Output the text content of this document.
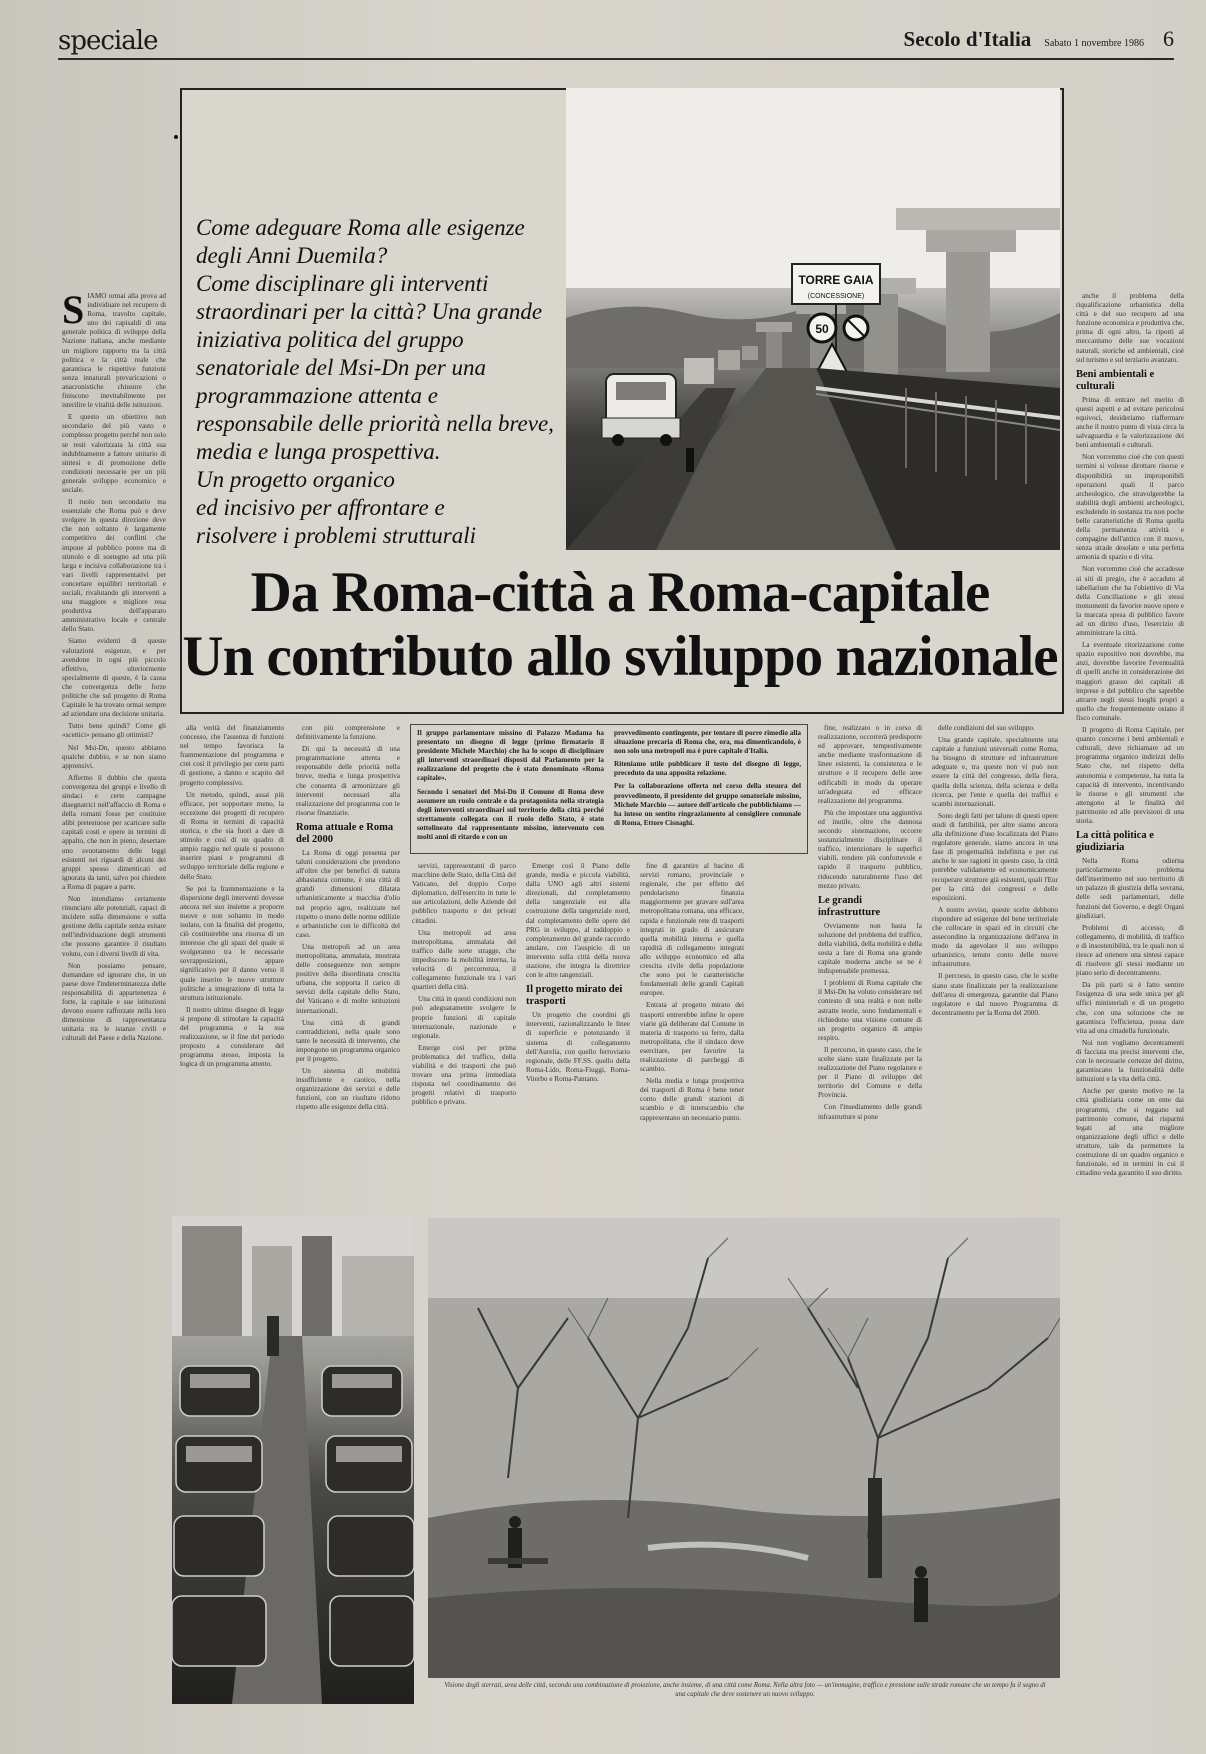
speciale	Secolo d'Italia Sabato 1 novembre 1986 6

SIAMO ormai alla prova ad individuare nel recupero di Roma, travolto capitale, uno dei capisaldi di una generale politica di sviluppo della Nazione italiana, anche mediante un migliore rapporto tra la città politica e la città reale che garantisca le rispettive funzioni senza innaturali prevaricazioni o anacronistiche chiusure che finiscono inevitabilmente per isterilire le vitalità delle istituzioni.

E questo un obiettivo non secondario del più vasto e complesso progetto perché non solo se resti valorizzata la città sua indubbiamente a fattore unitario di sintesi e di promozione delle condizioni necessarie per un più generale sviluppo economico e sociale.

Il ruolo non secondario ma essenziale che Roma può e deve svolgere in questa direzione deve che non soltanto è largamente competitivo dei conflitti che impone al pubblico potere ma di stimolo e di sostegno ad una più larga e incisiva collaborazione tra i vari livelli rappresentativi per concertare equilibri territoriali e sociali, rivalutando gli interventi a una maggiore e migliore resa produttiva dell'apparato amministrativo locale e centrale dello Stato.

Siamo evidenti di queste valutazioni esigenze, e per avendone in ogni più piccolo effettivo, ulteriormente specialmente di queste, è la causa che convergenza delle forze politiche che sul progetto di Roma Capitale le ha trovato ormai sempre ad aziendare una decisione unitaria.

Tutto bene quindi? Come gli «scettici» pensano gli ottimisti?

Nel Msi-Dn, questo abbiamo qualche dubbio, e se non siamo apprensivi.

Affermo il dubbio che questa convergenza dei gruppi e livello di sindaci e certe campagne disegnatrici nell'affaccio di Roma e della romani fosse per costituire alibi pretestuose per scaricare sulle capitali costi e opere in termini di appalto, che non in pieno, desertare uno svuotamento delle leggi esistenti nei riguardi di alcuni dei gruppi spesso dimenticati ed ignorata da tanti, salvo poi chiedere a Roma di pagare a parte.

Non intendiamo certamente rinunciare alle potenziali, capaci di incidere sulla dimensione e sulla gestione della capitale senza esitare nell'individuazione degli strumenti che possono garantire il risultato voluto, con i diversi livelli di vita.

Non possiamo pensare, domandare ed ignorare che, in un paese dove l'indeterminatezza delle responsabilità di appartenenza è forte, la capitale e sue istituzioni devono essere rafforzate nella loro dimensione di rappresentanza unitaria tra le istanze civili e culturali del Paese e della Nazione.

Come adeguare Roma alle esigenze
degli Anni Duemila?
Come disciplinare gli interventi
straordinari per la città? Una grande
iniziativa politica del gruppo
senatoriale del Msi-Dn per una
programmazione attenta e
responsabile delle priorità nella breve,
media e lunga prospettiva.
Un progetto organico
ed incisivo per affrontare e
risolvere i problemi strutturali
TORRE GAIA
(CONCESSIONE)
50
Da Roma-città a Roma-capitale
Un contributo allo sviluppo nazionale

alla verità del finanziamento concesso, che l'assenza di funzioni nel tempo favorisca la frammentazione del programma e crei così il privilegio per certe parti di gestione, a danno e scapito del progetto complessivo.

Un metodo, quindi, assai più efficace, per sopportare meno, la eccezione dei progetti di recupero di Roma in termini di capacità storica, e che sia fuori a dare di stimolo e così di un quadro di ampio raggio nel quale si possono inserire piani e programmi di sviluppo territoriale della regione e dello Stato.

Se poi la frammentazione e la dispersione degli interventi dovesse ancora nel suo insieme a proporre nuove e non soltanto in modo isolato, con la finalità del progetto, ciò costituirebbe una risorsa di un interesse che gli spazi del quale si svolgeranno tra le necessarie sovrapposizioni, appare significativo per il danno verso il quale inserire le nuove strutture politiche a integrazione di tutta la struttura istituzionale.

Il nostro ultimo disegno di legge si propone di stimolare la capacità del programma e la sua realizzazione, se il fine del periodo proposto a considerare del programma stesso, imposta la logica di un programma attento.

con più comprensione e definitivamente la funzione.

Di qui la necessità di una programmazione attenta e responsabile delle priorità nella breve, media e lunga prospettiva che consenta di armonizzare gli interventi necessari alla realizzazione del programma con le risorse finanziarie.

Roma attuale e Roma del 2000

La Roma di oggi presenta per taluni considerazioni che prendono all'oltre che per benefici di natura abbastanza comune, è una città di grandi dimensioni dilatata urbanisticamente a macchia d'olio nel proprio agro, realizzate nel rispetto o meno delle norme edilizie e urbanistiche con le difficoltà del caso.

Una metropoli ad un area metropolitana, ammalata, mostrata delle conseguenze non sempre positive della disordinata crescita urbana, che sopporta il carico di servizi della capitale dello Stato, del Vaticano e di molte istituzioni internazionali.

Una città di grandi contraddizioni, nella quale sono tante le necessità di intervento, che impongono un programma organico per il progetto.

Un sistema di mobilità insufficiente e caotico, nella organizzazione dei servizi e delle funzioni, con un risultato ridotto rispetto alle esigenze della città.

Il gruppo parlamentare missino di Palazzo Madama ha presentato un disegno di legge (primo firmatario il presidente Michele Marchio) che ha lo scopo di disciplinare gli interventi straordinari disposti dal Parlamento per la realizzazione del progetto che è stato denominato «Roma capitale».

Secondo i senatori del Msi-Dn il Comune di Roma deve assumere un ruolo centrale e da protagonista nella strategia degli interventi straordinari sul territorio della città perché strettamente collegata con il ruolo dello Stato, è stato sottolineato dal rappresentante missino, intervenuto con molti anni di ritardo e con un

provvedimento contingente, per tentare di porre rimedio alla situazione precaria di Roma che, ora, ma dimenticandolo, è non solo una metropoli ma è pure capitale d'Italia.

Riteniamo utile pubblicare il testo del disegno di legge, preceduto da una apposita relazione.

Per la collaborazione offerta nel corso della stesura del provvedimento, il presidente del gruppo senatoriale missino, Michele Marchio — autore dell'articolo che pubblichiamo — ha inteso un sentito ringraziamento al consigliere comunale di Roma, Ettore Cisnaghi.

servizi, rappresentanti di parco macchine delle Stato, della Città del Vaticano, del doppio Corpo diplomatico, dell'esercito in tutte le sue articolazioni, delle Aziende del pubblico trasporto e dei privati cittadini.

Una metropoli ad area metropolitana, ammalata del traffico dalle sorte stragge, che impediscono la mobilità interna, la velocità di percorrenza, il collegamento funzionale tra i vari quartieri della città.

Una città in questi condizioni non può adeguatamente svolgere le proprie funzioni di capitale internazionale, nazionale e regionale.

Emerge così per prima problematica del traffico, della viabilità e dei trasporti che può trovare una prima immediata risposta nel coordinamento dei progetti relativi di trasporto pubblico e privato.

Emerge così il Piano delle grande, media e piccola viabilità, dalla UNO agli altri sistemi direzionali, dal completamento della tangenziale est alla costruzione della tangenziale nord, dal completamento delle opere del PRG in sviluppo, al raddoppio e completamento del grande raccordo anulare, con l'auspicio di un intervento sulla città della nuova stazione, che integra la direttrice con le altre tangenziali.

Il progetto mirato dei trasporti

Un progetto che coordini gli interventi, razionalizzando le linee di superficie e potenziando il sistema di collegamento dell'Aurelia, con quello ferroviario regionale, delle FF.SS. quello della Roma-Lido, Roma-Fiuggi, Roma-Viterbo e Roma-Pantano.

fine di garantire al bacino di servizi romano, provinciale e regionale, che per effetto del pendolarismo finanzia maggiormente per gravare sull'area metropolitana romana, una efficace, rapida e funzionale rete di trasporti integrati in grado di assicurare quella mobilità interna e quella rapidità di collegamento integrati allo sviluppo economico ed alla crescita civile della popolazione che sono poi le caratteristiche fondamentali delle grandi Capitali europee.

Entrata al progetto mirato dei trasporti entrerebbe infine le opere viarie già deliberate dal Comune in materia di trasporto su ferro, dalla metropolitana, che il sindaco deve esercitare, per favorire la realizzazione di parcheggi di scambio.

Nella media e lunga prospettiva dei trasporti di Roma è bene tener conto delle grandi stazioni di scambio e di interscambio che rappresentano un necessario punto.

fine, realizzato o in corso di realizzazione, occorrerà predisporre ed approvare, tempestivamente anche mediante trasformazione di linee esistenti, la consistenza e le strutture e il recupero delle aree edificabili in modo da operare un'adeguata ed efficace realizzazione del programma.

Più che impostare una aggiuntiva ed inutile, oltre che dannosa secondo sistemazione, occorre sostanzialmente disciplinare il traffico, intenzionare le superfici viabili, rendere più confortevole e rapido il trasporto pubblico, riducendo naturalmente l'uso del mezzo privato.

Le grandi infrastrutture

Ovviamente non basta la soluzione del problema del traffico, della viabilità, della mobilità e della sosta a fare di Roma una grande capitale moderna anche se ne è indispensabile premessa.

I problemi di Roma capitale che il Msi-Dn ha voluto considerare nel contesto di una realtà e non nelle astratte teorie, sono fondamentali e richiedono una visione comune di un progetto organico di ampio respiro.

Il percorso, in questo caso, che le scelte siano state finalizzate per la realizzazione del Piano regolatore e per il Piano di sviluppo del territorio del Comune e della Provincia.

Con l'insediamento delle grandi infrastrutture si pone

delle condizioni del suo sviluppo.

Una grande capitale, specialmente una capitale a funzioni universali come Roma, ha bisogno di strutture ed infrastrutture adeguate e, tra queste non vi può non essere la città del congresso, della fiera, quella della scienza, della scienza e della ricerca, per l'ente e quella dei traffici e scambi internazionali.

Sono degli fatti per taluno di questi opere studi di fattibilità, per altre siamo ancora alla definizione d'uso localizzata del Piano regolatore generale, siamo ancora in una fase di progettualità indefinita e per cui anche le sue ragioni in questo caso, la città potrebbe validamente ed economicamente recuperare strutture già esistenti, quali l'Eur per la città dei congressi e delle esposizioni.

A nostro avviso, queste scelte debbono rispondere ad esigenze del bene territoriale che collocare in spazi ed in circuiti che assecondino la organizzazione dell'area in modo da agevolare il suo sviluppo urbanistico, tenuto conto delle nuove infrastrutture.

Il percorso, in questo caso, che le scelte siano state finalizzate per la realizzazione dell'area di emergenza, garantite dal Piano regolatore e dal nuovo Programma di decentramento per la Roma del 2000.

anche il problema della riqualificazione urbanistica della città e del suo recupero ad una funzione economica e produttiva che, prima di ogni altro, la riporti al meccanismo delle sue vocazioni naturali, storiche ed ambientali, cioè sul turismo e sul terziario avanzato.

Beni ambientali e culturali

Prima di entrare nel merito di questi aspetti e ad evitare pericolosi equivoci, desideriamo riaffermare anche il nostro punto di vista circa la salvaguardia e la valorizzazione dei beni ambientali e culturali.

Non vorremmo cioè che con questi termini si volesse dirottare risorse e disponibilità su improponibili operazioni quali il parco archeologico, che stravolgerebbe la stabilità degli ambienti archeologici, escludendo in sostanza tra non poche belle caratteristiche di Roma quella della permanenza attività e compagine dell'antico con il nuovo, senza strade desolate e una perfetta armonia di spazio e di vita.

Non vorremmo cioè che accadesse ai siti di pregio, che è accaduto al tabellarium che ha l'obiettivo di Via della Conciliazione e gli stessi monumenti da favorire nuove opere e la marcata spesa di pubblico favore ad un diritto d'uso, l'esercizio di amministrare la città.

La eventuale ritorizzazione come spazio espositivo non dovrebbe, ma anzi, dovrebbe favorire l'eventualità di quelli anche in considerazione dei maggiori grasso dei capitali di imprese e del pubblico che saprebbe attrarre negli stessi luoghi propri a quello che frequentemente ostano il fisco comunale.

Il progetto di Roma Capitale, per quanto concerne i beni ambientali e culturali, deve richiamare ad un programma organico indirizzi dello Stato che, nel rispetto della autonomia e competenze, ha tutta la capacità di intervento, incentivando le risorse e gli strumenti che attengono al le finalità del patrimonio ed alle previsioni di una storia.

La città politica e giudiziaria

Nella Roma odierna particolarmente problema dell'inserimento nel suo territorio di un palazzo di giustizia della sovrana, delle sedi parlamentari, delle funzioni del Governo, e degli Organi giudiziari.

Problemi di accesso, di collegamento, di mobilità, di traffico e di insostenibilità, tra le quali non si riesce ad ottenere una sintesi capace di risolvere gli stessi mediante un piano serio di decentramento.

Da più parti si è fatto sentire l'esigenza di una sede unica per gli uffici ministeriali e di un progetto che, con una soluzione che ne garantisca l'efficienza, possa dare vita ad una cittadella funzionale.

Noi non vogliamo decentramenti di facciata ma precisi interventi che, con le necessarie certezze del diritto, garantiscano la funzionalità delle istituzioni e la vita della città.

Anche per questo motivo ne la città giudiziaria come un ente dai programmi, che si reggano sul patrimonio comune, dai risparmi legati ad una migliore organizzazione degli uffici e delle strutture, tale da permettere la costruzione di un quadro organico e funzionale, ed in termini in cui il cittadino veda garantito il suo diritto.

Visione degli sterrati, area delle città, secondo una combinazione di proiezione, anche insieme, di una città come Roma. Nella altra foto — un'immagine, traffico e pressione sulle strade romane che un tempo fu il segno di una capitale che deve sostenere un nuovo sviluppo.
